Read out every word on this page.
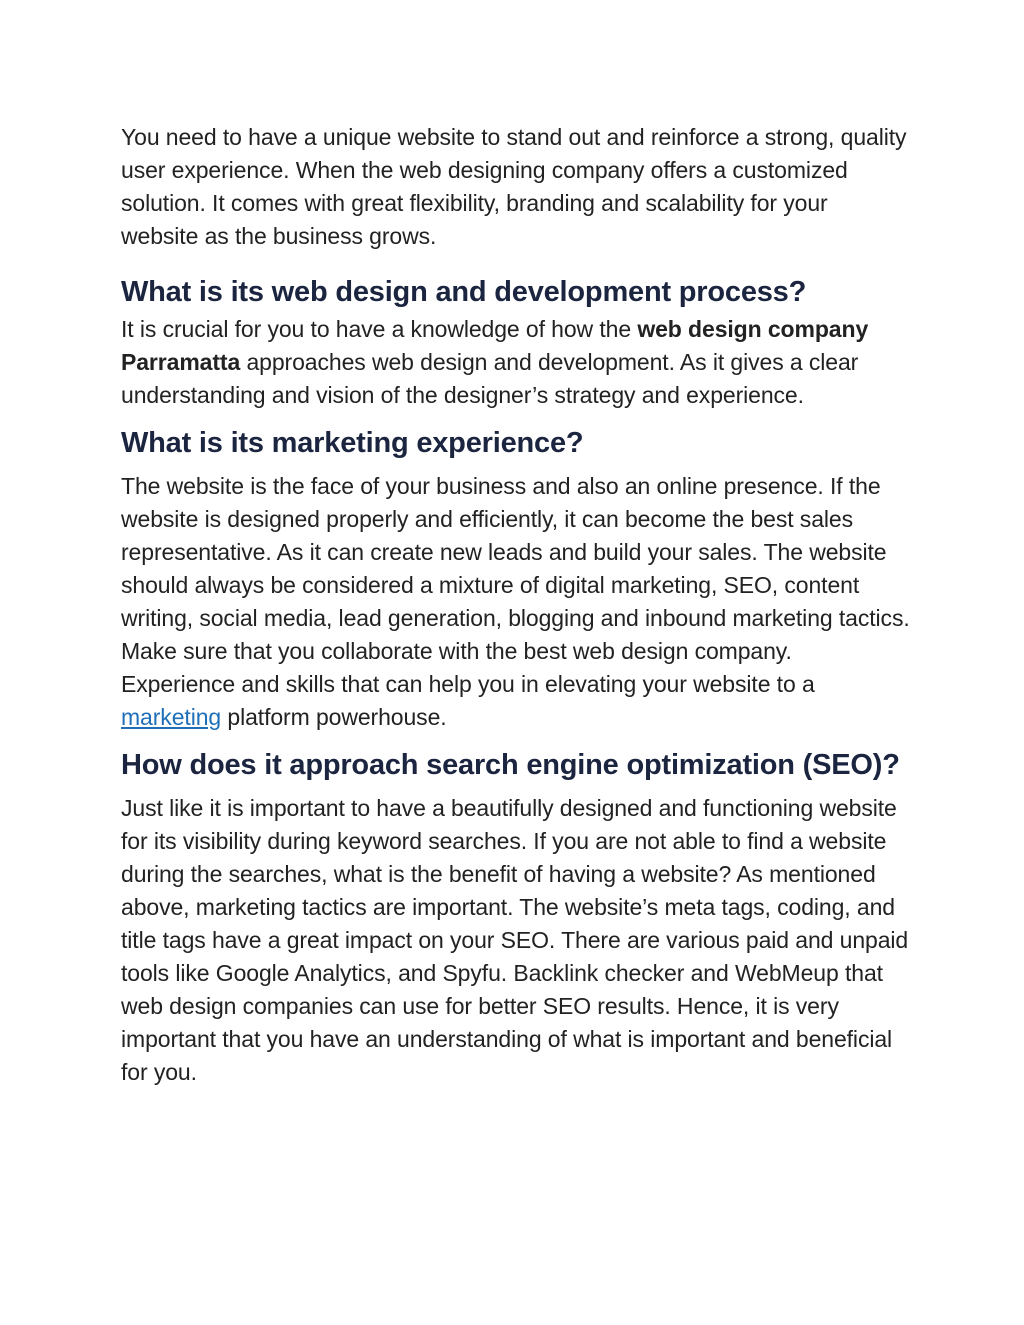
You need to have a unique website to stand out and reinforce a strong, quality user experience. When the web designing company offers a customized solution. It comes with great flexibility, branding and scalability for your website as the business grows.

What is its web design and development process?

It is crucial for you to have a knowledge of how the web design company Parramatta approaches web design and development. As it gives a clear understanding and vision of the designer’s strategy and experience.

What is its marketing experience?

The website is the face of your business and also an online presence. If the website is designed properly and efficiently, it can become the best sales representative. As it can create new leads and build your sales. The website should always be considered a mixture of digital marketing, SEO, content writing, social media, lead generation, blogging and inbound marketing tactics. Make sure that you collaborate with the best web design company. Experience and skills that can help you in elevating your website to a marketing platform powerhouse.

How does it approach search engine optimization (SEO)?

Just like it is important to have a beautifully designed and functioning website for its visibility during keyword searches. If you are not able to find a website during the searches, what is the benefit of having a website? As mentioned above, marketing tactics are important. The website’s meta tags, coding, and title tags have a great impact on your SEO. There are various paid and unpaid tools like Google Analytics, and Spyfu. Backlink checker and WebMeup that web design companies can use for better SEO results. Hence, it is very important that you have an understanding of what is important and beneficial for you.
